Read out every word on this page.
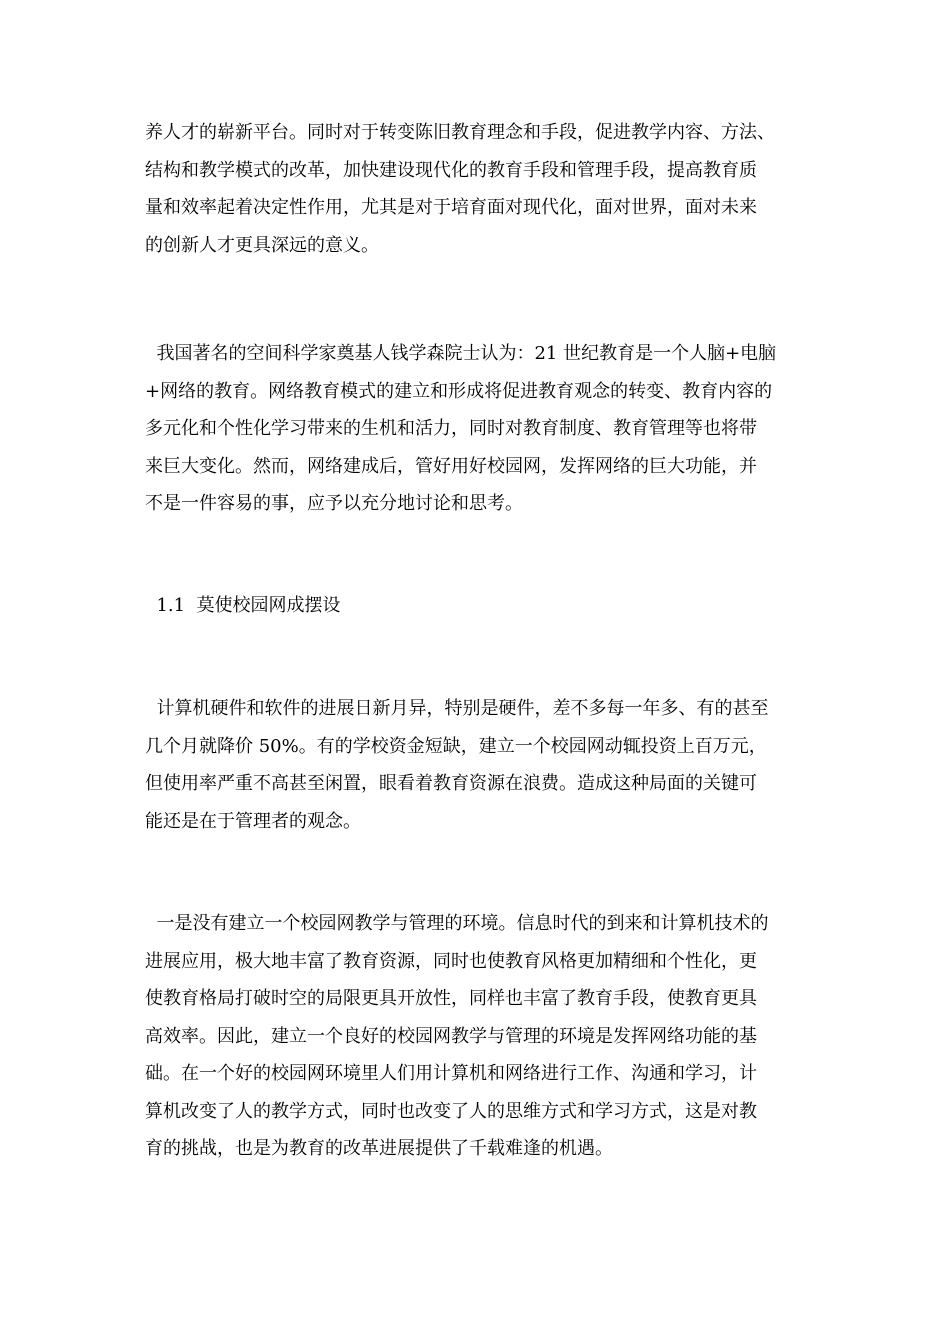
养人才的崭新平台。同时对于转变陈旧教育理念和手段，促进教学内容、方法、
结构和教学模式的改革，加快建设现代化的教育手段和管理手段，提高教育质
量和效率起着决定性作用，尤其是对于培育面对现代化，面对世界，面对未来
的创新人才更具深远的意义。
我国著名的空间科学家奠基人钱学森院士认为：21 世纪教育是一个人脑+电脑
+网络的教育。网络教育模式的建立和形成将促进教育观念的转变、教育内容的
多元化和个性化学习带来的生机和活力，同时对教育制度、教育管理等也将带
来巨大变化。然而，网络建成后，管好用好校园网，发挥网络的巨大功能，并
不是一件容易的事，应予以充分地讨论和思考。
1.1  莫使校园网成摆设
计算机硬件和软件的进展日新月异，特别是硬件，差不多每一年多、有的甚至
几个月就降价 50%。有的学校资金短缺，建立一个校园网动辄投资上百万元，
但使用率严重不高甚至闲置，眼看着教育资源在浪费。造成这种局面的关键可
能还是在于管理者的观念。
一是没有建立一个校园网教学与管理的环境。信息时代的到来和计算机技术的
进展应用，极大地丰富了教育资源，同时也使教育风格更加精细和个性化，更
使教育格局打破时空的局限更具开放性，同样也丰富了教育手段，使教育更具
高效率。因此，建立一个良好的校园网教学与管理的环境是发挥网络功能的基
础。在一个好的校园网环境里人们用计算机和网络进行工作、沟通和学习，计
算机改变了人的教学方式，同时也改变了人的思维方式和学习方式，这是对教
育的挑战，也是为教育的改革进展提供了千载难逢的机遇。
